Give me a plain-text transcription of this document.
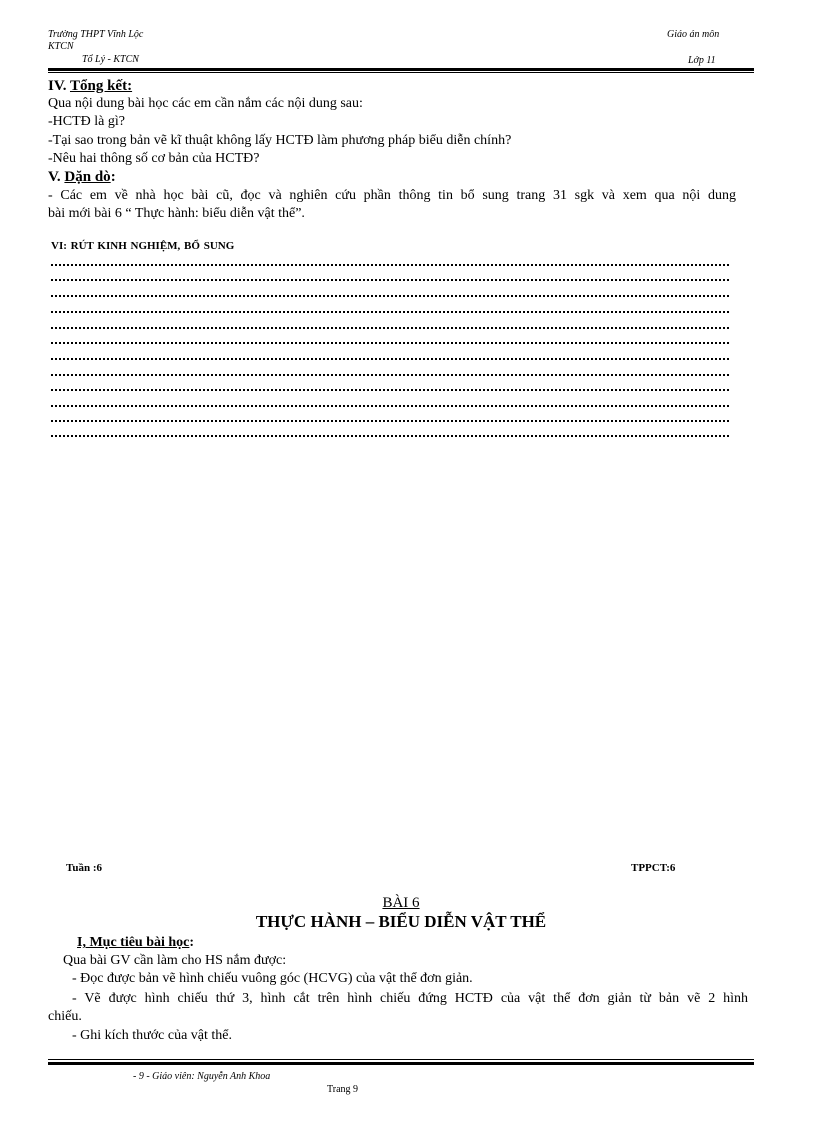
Trường THPT Vĩnh Lộc
KTCN
Tổ Lý - KTCN
Giáo án môn
Lớp 11
IV. Tổng kết:
Qua nội dung bài học các em cần nắm các nội dung sau:
-HCTĐ là gì?
-Tại sao trong bản vẽ kĩ thuật không lấy HCTĐ làm phương pháp biểu diễn chính?
-Nêu hai thông số cơ bản của HCTĐ?
V. Dặn dò:
- Các em về nhà học bài cũ, đọc và nghiên cứu phần thông tin bổ sung trang 31 sgk và xem qua nội dung
bài mới bài 6 “ Thực hành: biểu diễn vật thể”.
VI: RÚT KINH NGHIỆM, BỔ SUNG
Tuần :6	TPPCT:6
BÀI 6
THỰC HÀNH – BIỂU DIỄN VẬT THỂ
I, Mục tiêu bài học:
Qua bài GV cần làm cho HS nắm được:
- Đọc được bản vẽ hình chiếu vuông góc (HCVG) của vật thể đơn giản.
- Vẽ được hình chiếu thứ 3, hình cắt trên hình chiếu đứng HCTĐ của vật thể đơn giản từ bản vẽ 2 hình
chiếu.
- Ghi kích thước của vật thể.
- 9 - Giáo viên: Nguyễn Anh Khoa
Trang 9
